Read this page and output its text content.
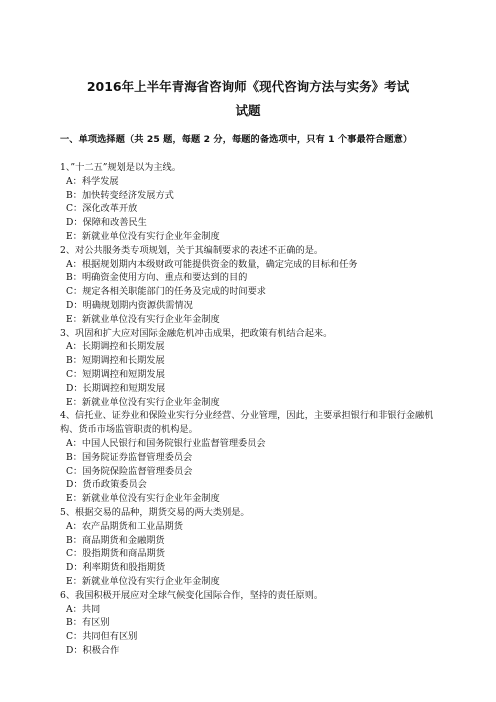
2016年上半年青海省咨询师《现代咨询方法与实务》考试
试题
一、单项选择题（共 25 题，每题 2 分，每题的备选项中，只有 1 个事最符合题意）
1、”十二五”规划是以为主线。
A：科学发展
B：加快转变经济发展方式
C：深化改革开放
D：保障和改善民生
E：新就业单位没有实行企业年金制度
2、对公共服务类专项规划，关于其编制要求的表述不正确的是。
A：根据规划期内本级财政可能提供资金的数量，确定完成的目标和任务
B：明确资金使用方向、重点和要达到的目的
C：规定各相关职能部门的任务及完成的时间要求
D：明确规划期内资源供需情况
E：新就业单位没有实行企业年金制度
3、巩固和扩大应对国际金融危机冲击成果，把政策有机结合起来。
A：长期调控和长期发展
B：短期调控和长期发展
C：短期调控和短期发展
D：长期调控和短期发展
E：新就业单位没有实行企业年金制度
4、信托业、证券业和保险业实行分业经营、分业管理，因此，主要承担银行和非银行金融机构、货币市场监管职责的机构是。
A：中国人民银行和国务院银行业监督管理委员会
B：国务院证券监督管理委员会
C：国务院保险监督管理委员会
D：货币政策委员会
E：新就业单位没有实行企业年金制度
5、根据交易的品种，期货交易的两大类别是。
A：农产品期货和工业品期货
B：商品期货和金融期货
C：股指期货和商品期货
D：利率期货和股指期货
E：新就业单位没有实行企业年金制度
6、我国积极开展应对全球气候变化国际合作，坚持的责任原则。
A：共同
B：有区别
C：共同但有区别
D：积极合作
